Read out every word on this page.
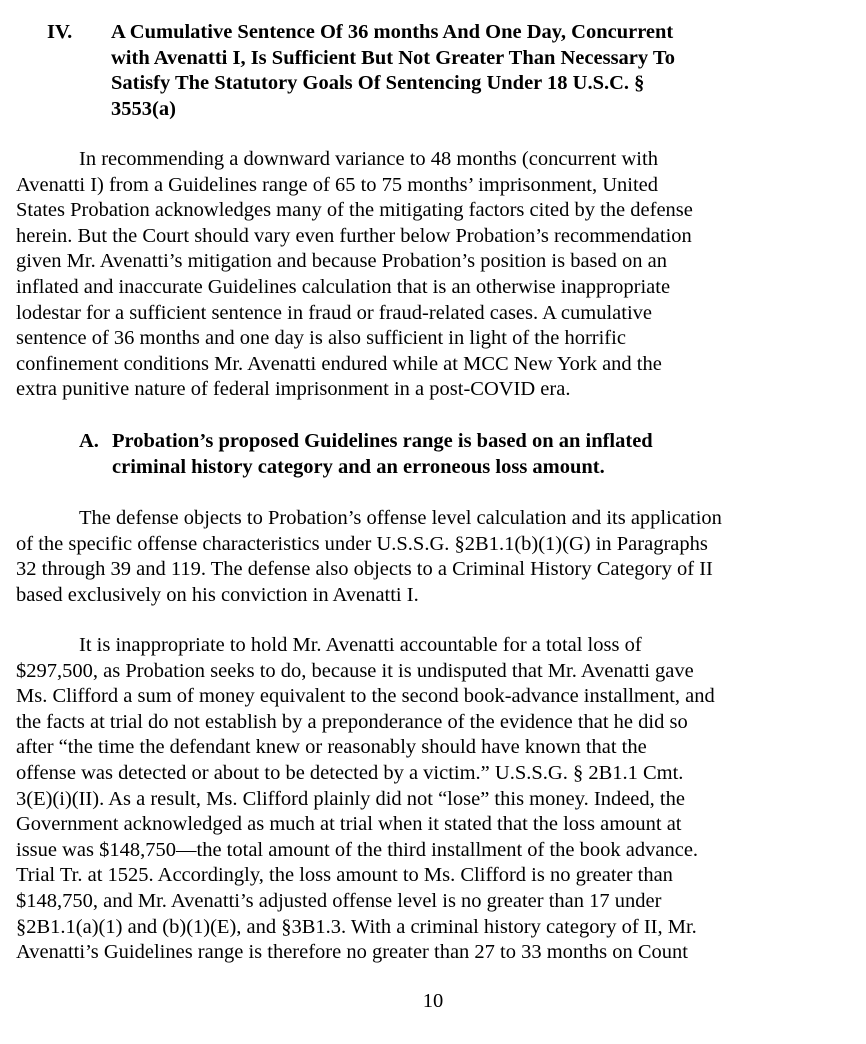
IV.	A Cumulative Sentence Of 36 months And One Day, Concurrent
with Avenatti I, Is Sufficient But Not Greater Than Necessary To
Satisfy The Statutory Goals Of Sentencing Under 18 U.S.C. §
3553(a)
In recommending a downward variance to 48 months (concurrent with
Avenatti I) from a Guidelines range of 65 to 75 months’ imprisonment, United
States Probation acknowledges many of the mitigating factors cited by the defense
herein. But the Court should vary even further below Probation’s recommendation
given Mr. Avenatti’s mitigation and because Probation’s position is based on an
inflated and inaccurate Guidelines calculation that is an otherwise inappropriate
lodestar for a sufficient sentence in fraud or fraud-related cases. A cumulative
sentence of 36 months and one day is also sufficient in light of the horrific
confinement conditions Mr. Avenatti endured while at MCC New York and the
extra punitive nature of federal imprisonment in a post-COVID era.
A. Probation’s proposed Guidelines range is based on an inflated
criminal history category and an erroneous loss amount.
The defense objects to Probation’s offense level calculation and its application
of the specific offense characteristics under U.S.S.G. §2B1.1(b)(1)(G) in Paragraphs
32 through 39 and 119. The defense also objects to a Criminal History Category of II
based exclusively on his conviction in Avenatti I.
It is inappropriate to hold Mr. Avenatti accountable for a total loss of
$297,500, as Probation seeks to do, because it is undisputed that Mr. Avenatti gave
Ms. Clifford a sum of money equivalent to the second book-advance installment, and
the facts at trial do not establish by a preponderance of the evidence that he did so
after “the time the defendant knew or reasonably should have known that the
offense was detected or about to be detected by a victim.” U.S.S.G. § 2B1.1 Cmt.
3(E)(i)(II). As a result, Ms. Clifford plainly did not “lose” this money. Indeed, the
Government acknowledged as much at trial when it stated that the loss amount at
issue was $148,750—the total amount of the third installment of the book advance.
Trial Tr. at 1525. Accordingly, the loss amount to Ms. Clifford is no greater than
$148,750, and Mr. Avenatti’s adjusted offense level is no greater than 17 under
§2B1.1(a)(1) and (b)(1)(E), and §3B1.3. With a criminal history category of II, Mr.
Avenatti’s Guidelines range is therefore no greater than 27 to 33 months on Count
10
